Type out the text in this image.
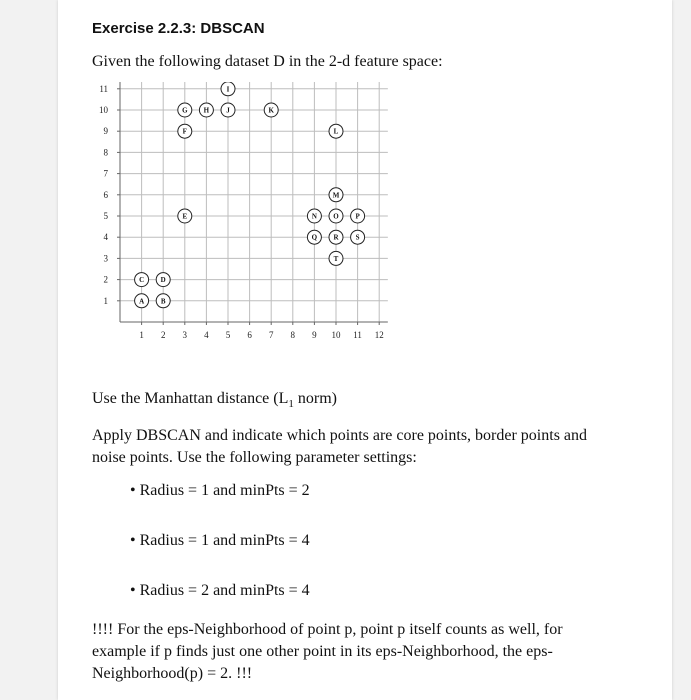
Exercise 2.2.3: DBSCAN
Given the following dataset D in the 2-d feature space:
1 2 3 4 5 6 7 8 9 10 11 12
1
2
3
4
5
6
7
8
9
10
11
A B
C D
E
F
G H
I
J	K
L
M
N O P
Q R S
T
Use the Manhattan distance ($L_1$ norm)
Apply DBSCAN and indicate which points are core points, border points and noise points. Use the following parameter settings:
• Radius = 1 and minPts = 2
• Radius = 1 and minPts = 4
• Radius = 2 and minPts = 4
!!!! For the eps-Neighborhood of point p, point p itself counts as well, for example if p finds just one other point in its eps-Neighborhood, the eps-Neighborhood(p) = 2. !!!
